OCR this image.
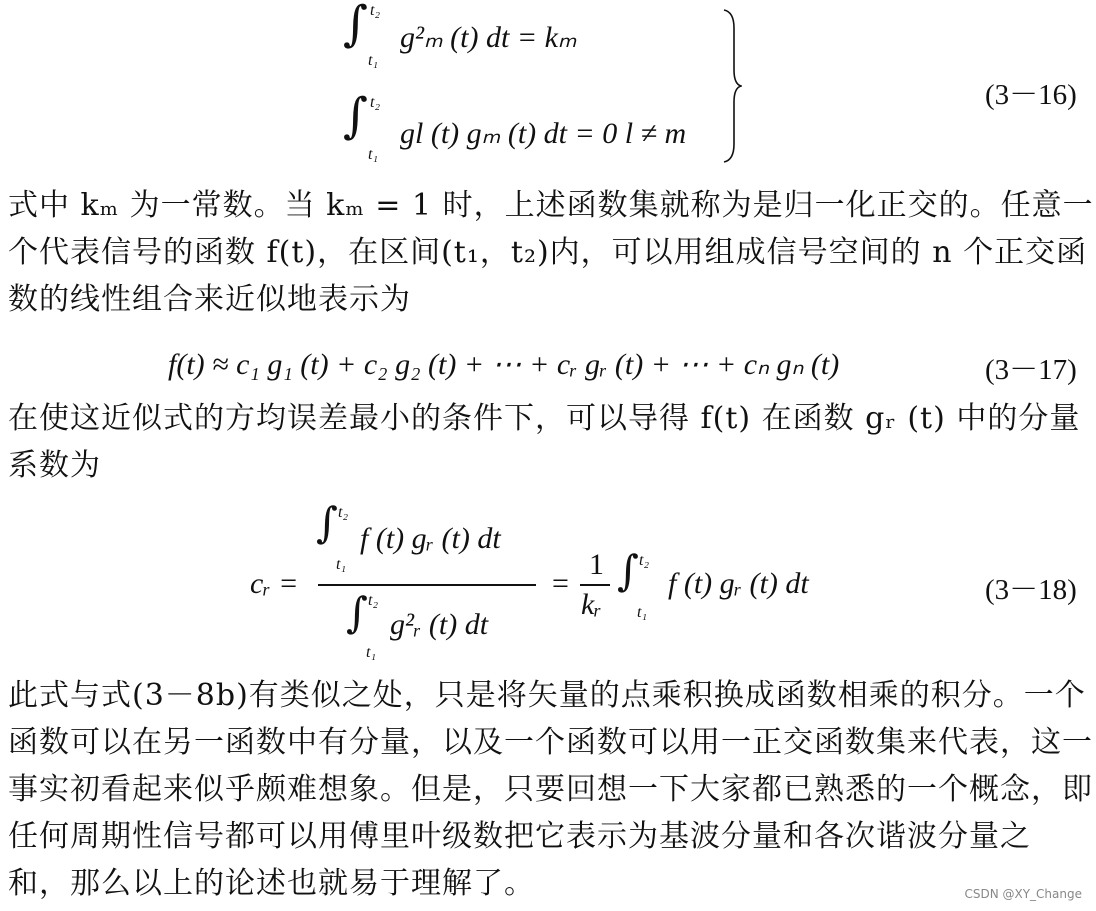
∫ t₂
t₁
g²ₘ (t) dt = kₘ
∫ t₂
t₁
gl (t) gₘ (t) dt = 0 l ≠ m
(3－16)
式中 kₘ 为一常数。当 kₘ = 1 时，上述函数集就称为是归一化正交的。任意一
个代表信号的函数 f(t)，在区间(t₁，t₂)内，可以用组成信号空间的 n 个正交函
数的线性组合来近似地表示为
f(t) ≈ c₁ g₁ (t) + c₂ g₂ (t) + ⋯ + cᵣ gᵣ (t) + ⋯ + cₙ gₙ (t)	(3－17)
在使这近似式的方均误差最小的条件下，可以导得 f(t) 在函数 gᵣ (t) 中的分量
系数为
cᵣ =
∫ t₂
t₁
f (t) gᵣ (t) dt
∫ t₂
t₁
g²ᵣ (t) dt
=
1
kᵣ
∫ t₂
t₁
f (t) gᵣ (t) dt	(3－18)
此式与式(3－8b)有类似之处，只是将矢量的点乘积换成函数相乘的积分。一个
函数可以在另一函数中有分量，以及一个函数可以用一正交函数集来代表，这一
事实初看起来似乎颇难想象。但是，只要回想一下大家都已熟悉的一个概念，即
任何周期性信号都可以用傅里叶级数把它表示为基波分量和各次谐波分量之
和，那么以上的论述也就易于理解了。	CSDN @XY_Change
